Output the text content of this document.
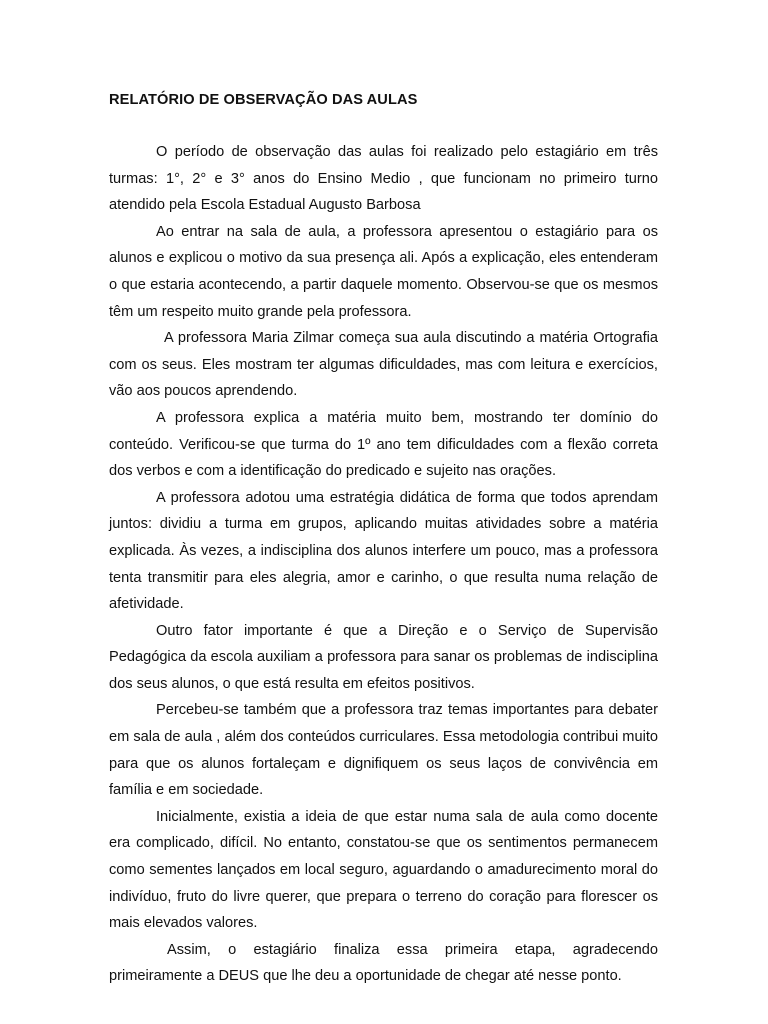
RELATÓRIO DE OBSERVAÇÃO DAS AULAS

O período de observação das aulas foi realizado pelo estagiário em três turmas: 1°, 2° e 3° anos do Ensino Medio , que funcionam no primeiro turno atendido pela Escola Estadual Augusto Barbosa

Ao entrar na sala de aula, a professora apresentou o estagiário para os alunos e explicou o motivo da sua presença ali. Após a explicação, eles entenderam o que estaria acontecendo, a partir daquele momento. Observou-se que os mesmos têm um respeito muito grande pela professora.

A professora Maria Zilmar começa sua aula discutindo a matéria Ortografia com os seus. Eles mostram ter algumas dificuldades, mas com leitura e exercícios, vão aos poucos aprendendo.

A professora explica a matéria muito bem, mostrando ter domínio do conteúdo. Verificou-se que turma do 1º ano tem dificuldades com a flexão correta dos verbos e com a identificação do predicado e sujeito nas orações.

A professora adotou uma estratégia didática de forma que todos aprendam juntos: dividiu a turma em grupos, aplicando muitas atividades sobre a matéria explicada. Às vezes, a indisciplina dos alunos interfere um pouco, mas a professora tenta transmitir para eles alegria, amor e carinho, o que resulta numa relação de afetividade.

Outro fator importante é que a Direção e o Serviço de Supervisão Pedagógica da escola auxiliam a professora para sanar os problemas de indisciplina dos seus alunos, o que está resulta em efeitos positivos.

Percebeu-se também que a professora traz temas importantes para debater em sala de aula , além dos conteúdos curriculares. Essa metodologia contribui muito para que os alunos fortaleçam e dignifiquem os seus laços de convivência em família e em sociedade.

Inicialmente, existia a ideia de que estar numa sala de aula como docente era complicado, difícil. No entanto, constatou-se que os sentimentos permanecem como sementes lançados em local seguro, aguardando o amadurecimento moral do indivíduo, fruto do livre querer, que prepara o terreno do coração para florescer os mais elevados valores.

Assim, o estagiário finaliza essa primeira etapa, agradecendo primeiramente a DEUS que lhe deu a oportunidade de chegar até nesse ponto.
